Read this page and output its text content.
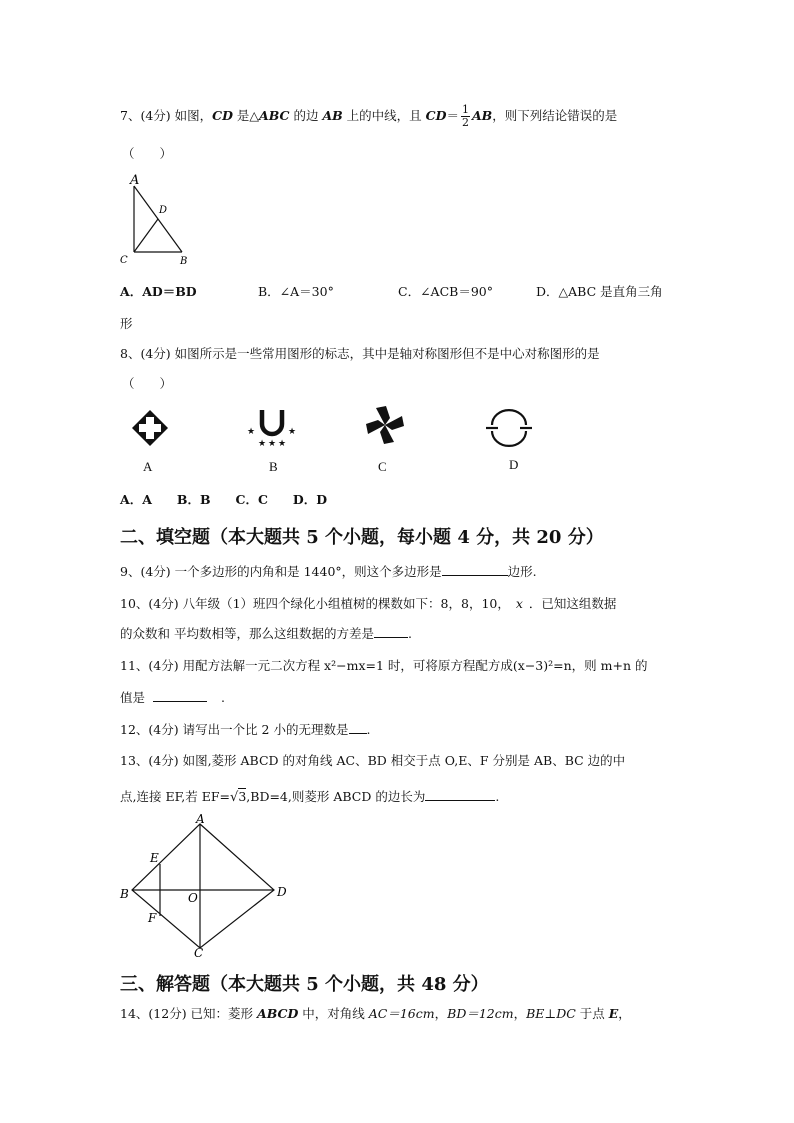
7、(4分) 如图，CD 是△ABC 的边 AB 上的中线，且 $CD= \frac{1}{2}$ AB，则下列结论错误的是
（　　）
A
D
C	B
A．AD＝BD	B．∠A＝30°	C．∠ACB＝90°	D．△ABC 是直角三角
形
8、(4分) 如图所示是一些常用图形的标志，其中是轴对称图形但不是中心对称图形的是
（　　）
★	★
★ ★ ★
A	B	C	D
A．A　　B．B　　C．C　　D．D
二、填空题（本大题共 5 个小题，每小题 4 分，共 20 分）
9、(4分) 一个多边形的内角和是 1440°，则这个多边形是	边形.
10、(4分) 八年级（1）班四个绿化小组植树的棵数如下：8，8，10， x ．已知这组数据
的众数和 平均数相等，那么这组数据的方差是	.
11、(4分) 用配方法解一元二次方程 x²−mx=1 时，可将原方程配方成(x−3)²=n，则 m+n 的
值是	.
12、(4分) 请写出一个比 2 小的无理数是 .
13、(4分) 如图,菱形 ABCD 的对角线 AC、BD 相交于点 O,E、F 分别是 AB、BC 边的中
点,连接 EF,若 EF=√3,BD=4,则菱形 ABCD 的边长为	.
A
B	D
C
E
F
O
三、解答题（本大题共 5 个小题，共 48 分）
14、(12分) 已知：菱形 ABCD 中，对角线 AC＝16cm，BD＝12cm，BE⊥DC 于点 E，
